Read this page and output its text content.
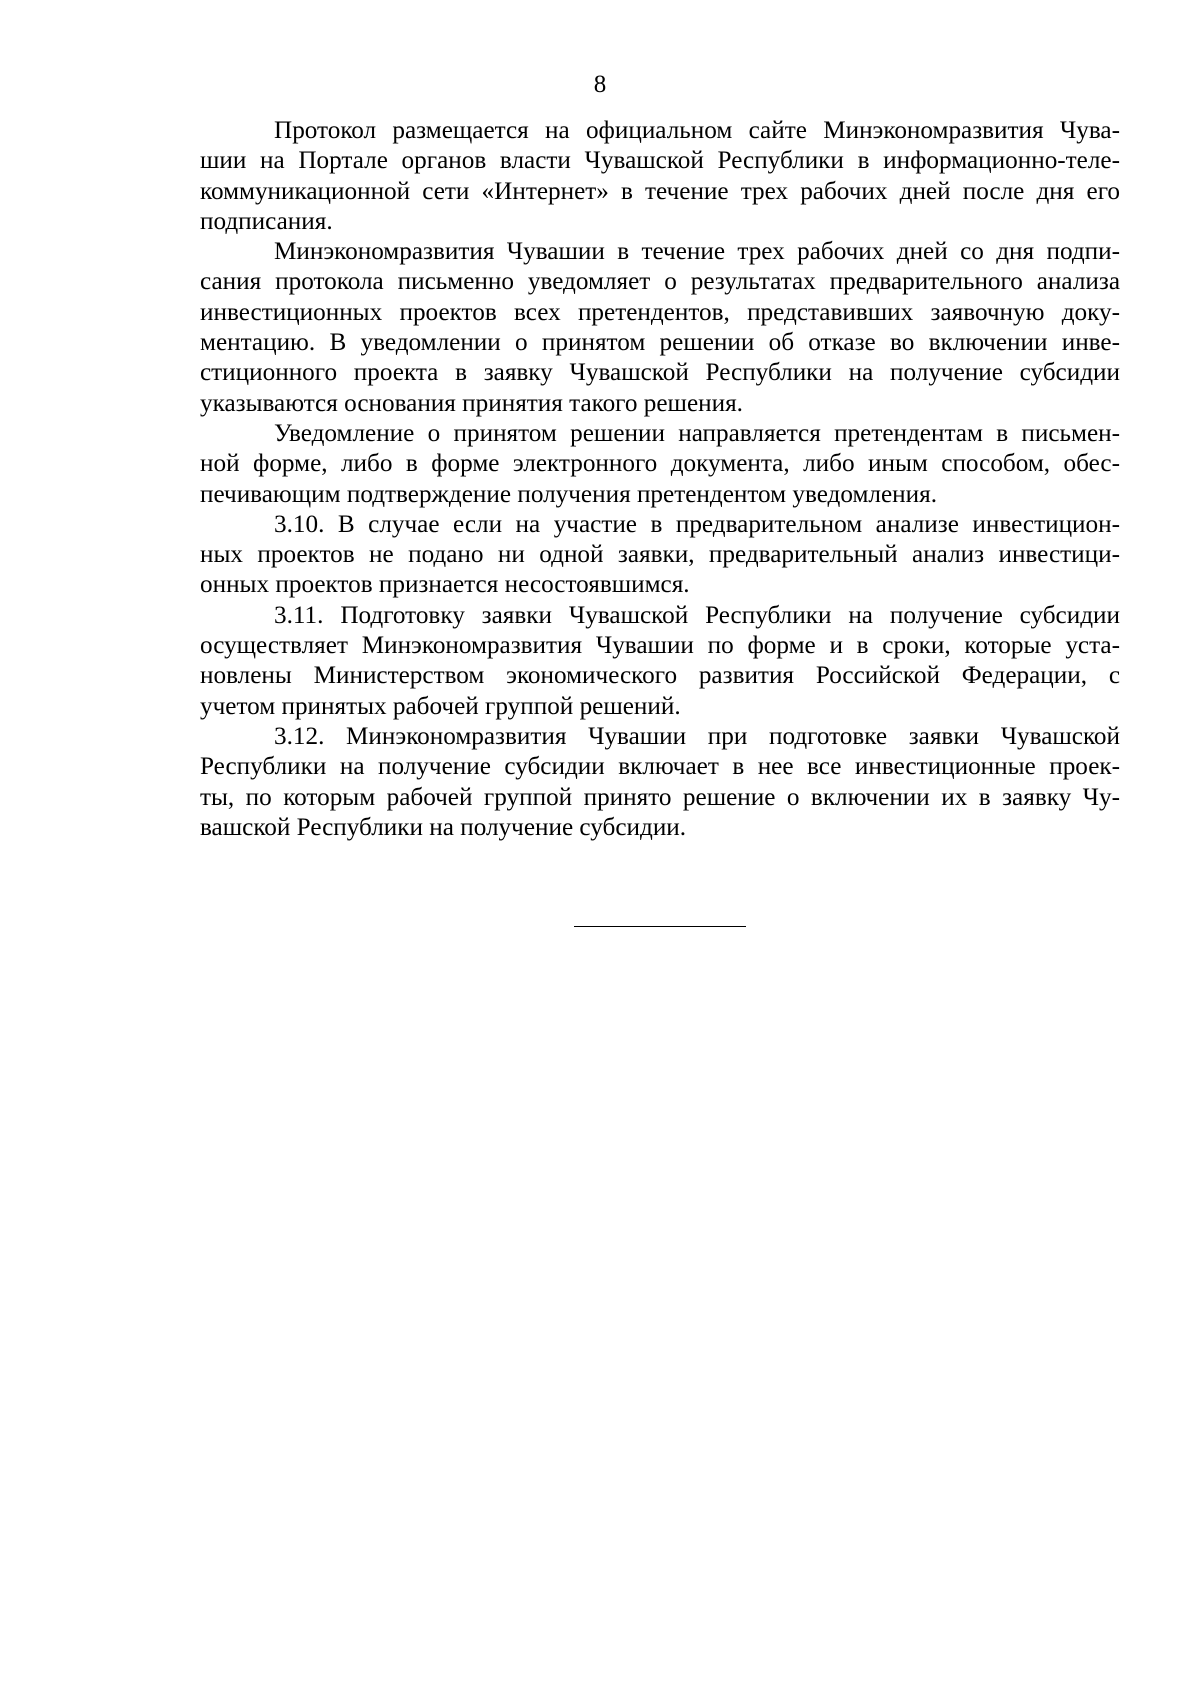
8

Протокол размещается на официальном сайте Минэкономразвития Чува-
шии на Портале органов власти Чувашской Республики в информационно-теле-
коммуникационной сети «Интернет» в течение трех рабочих дней после дня его
подписания.

Минэкономразвития Чувашии в течение трех рабочих дней со дня подпи-
сания протокола письменно уведомляет о результатах предварительного анализа
инвестиционных проектов всех претендентов, представивших заявочную доку-
ментацию. В уведомлении о принятом решении об отказе во включении инве-
стиционного проекта в заявку Чувашской Республики на получение субсидии
указываются основания принятия такого решения.

Уведомление о принятом решении направляется претендентам в письмен-
ной форме, либо в форме электронного документа, либо иным способом, обес-
печивающим подтверждение получения претендентом уведомления.

3.10. В случае если на участие в предварительном анализе инвестицион-
ных проектов не подано ни одной заявки, предварительный анализ инвестици-
онных проектов признается несостоявшимся.

3.11. Подготовку заявки Чувашской Республики на получение субсидии
осуществляет Минэкономразвития Чувашии по форме и в сроки, которые уста-
новлены Министерством экономического развития Российской Федерации, с
учетом принятых рабочей группой решений.

3.12. Минэкономразвития Чувашии при подготовке заявки Чувашской
Республики на получение субсидии включает в нее все инвестиционные проек-
ты, по которым рабочей группой принято решение о включении их в заявку Чу-
вашской Республики на получение субсидии.
